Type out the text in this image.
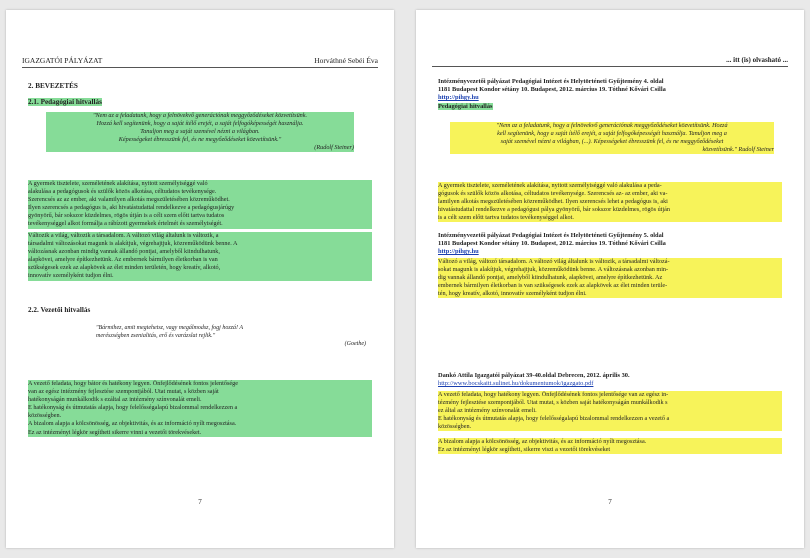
IGAZGATÓI PÁLYÁZAT	Horváthné Sebéi Éva
2. BEVEZETÉS
2.1. Pedagógiai hitvallás
"Nem az a feladatunk, hogy a felnövekvő generációnak meggyőződéseket közvetítsünk.
Hozzá kell segítenünk, hogy a saját ítélő erejét, a saját felfogóképességét használja.
Tanuljon meg a saját szemével nézni a világban.
Képességeket ébresszünk fel, és ne megyőződéseket közvetítsünk."
(Rudolf Steiner)
A gyermek tisztelete, személetének alakítása, nyitott személyiséggé való
alakulása a pedagógusok és szülők közös alkotása, céltudatos tevékenysége.
Szerencsés az az ember, aki valamilyen alkotás megszületésében közreműködhet.
Ilyen szerencsés a pedagógus is, aki hivatástudattal rendelkezve a pedagógusjárúgy
gyönyörű, bár sokszor küzdelmes, rögös útján is a célt szem előtt tartva tudatos
tevékenységgel alkot formálja a rábízott gyermekek értelmét és személyiségét.
Változik a világ, változik a társadalom. A változó világ általunk is változik, a
társadalmi változásokat magunk is alakítjuk, végrehajtjuk, közreműködünk benne. A
változásnak azonban mindig vannak állandó pontjai, amelyből kiindulhatunk,
alapkövei, amelyre építkezhetünk. Az embernek bármilyen életkorban is van
szükségesek ezek az alapkövek az élet minden területén, hogy kreatív, alkotó,
innovatív személyként tudjon élni.
2.2. Vezetői hitvallás
"Bármihez, amit megtehetsz, vagy megálmodsz, fogj hozzá! A
merészségben zsenialitás, erő és varázslat rejlik."
(Goethe)
A vezető feladata, hogy bátor és hatékony legyen. Önfejlődésének fontos jelentősége
van az egész intézmény fejlesztése szempontjából. Utat mutat, s közben saját
hatékonyságán munkálkodik s ezáltal az intézmény színvonalát emeli.
E hatékonyság és útmutatás alapja, hogy felelősségalapú bizalommal rendelkezzen a
közösségben.
A bizalom alapja a kölcsönösség, az objektivitás, és az információ nyílt megosztása.
Ez az intézményi légkör segítheti sikerre vinni a vezetői törekvéseket.
7
... itt (is) olvasható ...
Intézményvezetői pályázat Pedagógiai Intézet és Helytörténeti Gyűjtemény 4. oldal
1181 Budapest Kondor sétány 10. Budapest, 2012. március 19. Tóthné Kővári Csilla
http://pihgy.hu
Pedagógiai hitvallás
"Nem az a feladatunk, hogy a felnövekvő generációnak meggyőződéseket közvetítsünk. Hozzá
kell segítenünk, hogy a saját ítélő erejét, a saját felfogóképességét használja. Tanuljon meg a
saját szemével nézni a világban, (...). Képességeket ébresszünk fel, és ne meggyőződéseket
közvetítsünk." Rudolf Steiner
A gyermek tisztelete, személetének alakítása, nyitott személyiséggé való alakulása a peda-
gógusok és szülők közös alkotása, céltudatos tevékenysége. Szerencsés az- az ember, aki va-
lamilyen alkotás megszületésében közreműködhet. Ilyen szerencsés lehet a pedagógus is, aki
hivatástudattal rendelkezve a pedagógusi pálya gyönyörű, bár sokszor küzdelmes, rögös útján
is a célt szem előtt tartva tudatos tevékenységgel alkot.
Intézményvezetői pályázat Pedagógiai Intézet és Helytörténeti Gyűjtemény 5. oldal
1181 Budapest Kondor sétány 10. Budapest, 2012. március 19. Tóthné Kővári Csilla
http://pihgy.hu
Változó a világ, változó társadalom. A változó világ általunk is változik, a társadalmi változá-
sokat magunk is alakítjuk, végrehajtjuk, közreműködünk benne. A változásnak azonban min-
dig vannak állandó pontjai, amelyből kiindulhatunk, alapkövei, amelyre építkezhetünk. Az
embernek bármilyen életkorban is van szükségesek ezek az alapkövek az élet minden terüle-
tén, hogy kreatív, alkotó, innovatív személyként tudjon élni.
Dankó Attila Igazgatói pályázat 39-40.oldal Debrecen, 2012. április 30.
http://www.bocskaitt.sulinet.hu/dokumentumok/igazgato.pdf
A vezető feladata, hogy hatékony legyen. Önfejlődésének fontos jelentősége van az egész in-
tézmény fejlesztése szempontjából. Utat mutat, s közben saját hatékonyságán munkálkodik s
ez által az intézmény színvonalát emeli.
E hatékonyság és útmutatás alapja, hogy felelősségalapú bizalommal rendelkezzen a vezető a
közösségben.
A bizalom alapja a kölcsönösség, az objektivitás, és az információ nyílt megosztása.
Ez az intézményi légkör segítheti, sikerre viszi a vezetői törekvéseket
7
